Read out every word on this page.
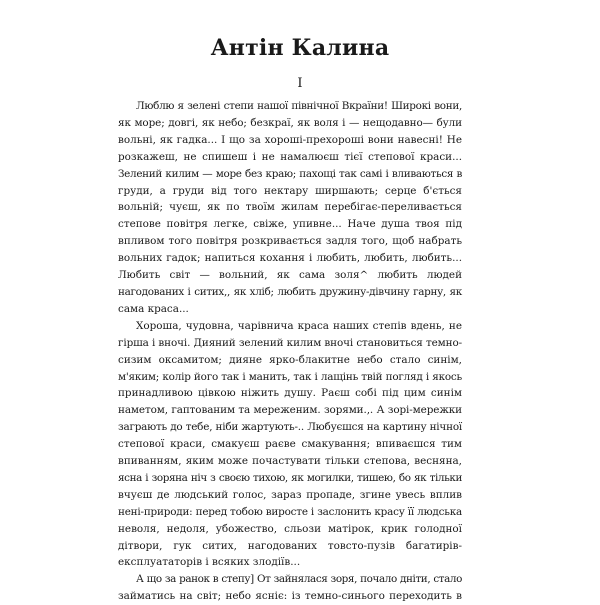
Антін Калина
I
Люблю я зелені степи нашої північної Вкраїни! Широкі вони,
як море; довгі, як небо; безкраї, як воля і — нещодавно— були
вольні, як гадка... І що за хороші-прехороші вони навесні! Не
розкажеш, не спишеш і не намалюєш тієї степової краси...
Зелений килим — море без краю; пахощі так самі і вливаються в
груди, а груди від того нектару ширшають; серце б'ється
вольній; чуєш, як по твоїм жилам перебігає-переливається
степове повітря легке, свіже, упивне... Наче душа твоя під
впливом того повітря розкривається задля того, щоб набрать
вольних гадок; напиться кохання і любить, любить, любить...
Любить світ — вольний, як сама золя^ любить людей
нагодованих і ситих,, як хліб; любить дружину-дівчину гарну, як
сама краса...
Хороша, чудовна, чарівнича краса наших степів вдень, не
гірша і вночі. Дияний зелений килим вночі становиться темно-
сизим оксамитом; дияне ярко-блакитне небо стало синім,
м'яким; колір його так і манить, так і лащінь твій погляд і якось
принадливою цівкою ніжить душу. Раєш собі під цим синім
наметом, гаптованим та мереженим. зорями.,. А зорі-мережки
заграють до тебе, ніби жартують-.. Любуєшся на картину нічної
степової краси, смакуєш раєве смакування; впиваєшся тим
впиванням, яким може почастувати тільки степова, весняна,
ясна і зоряна ніч з своєю тихою, як могилки, тишею, бо як тільки
вчуєш де людський голос, зараз пропаде, згине увесь вплив
нені-природи: перед тобою виросте і заслонить красу її людська
неволя, недоля, убожество, сльози матірок, крик голодної
дітвори, гук ситих, нагодованих товсто-пузів багатирів-
експлуататорів і всяких злодіїв...
А що за ранок в степу] От зайнялася зоря, почало дніти, стало
займатись на світ; небо ясніє: із темно-синього переходить в
